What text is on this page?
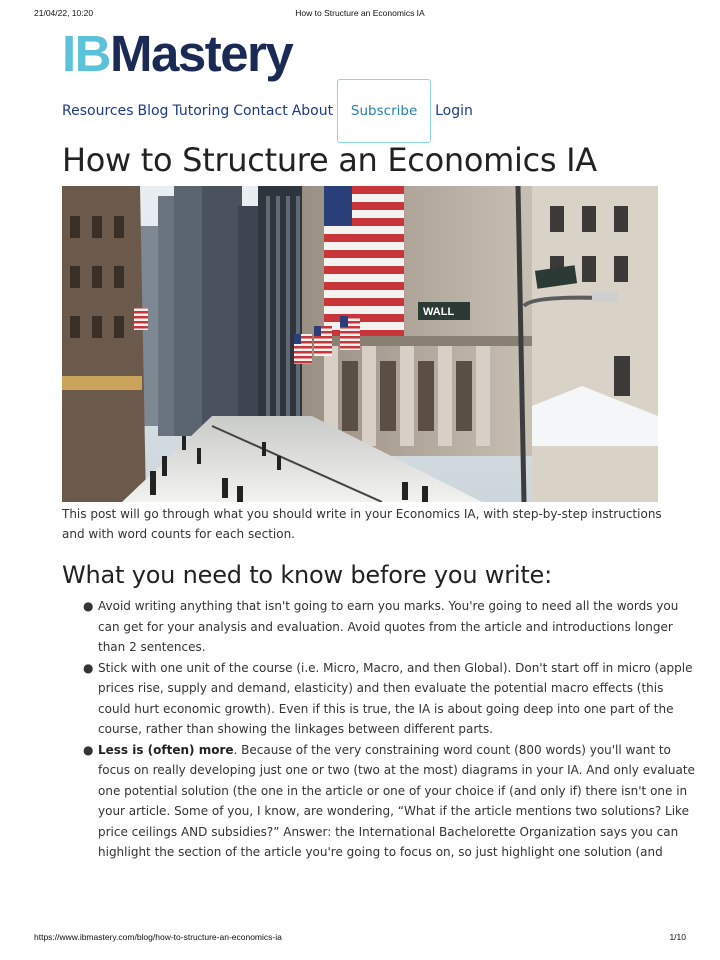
21/04/22, 10:20	How to Structure an Economics IA
IB Mastery
Resources Blog Tutoring Contact About	Subscribe	Login
How to Structure an Economics IA
WALL

This post will go through what you should write in your Economics IA, with step-by-step instructions and with word counts for each section.

What you need to know before you write:
● Avoid writing anything that isn't going to earn you marks. You're going to need all the words you can get for your analysis and evaluation. Avoid quotes from the article and introductions longer than 2 sentences.
● Stick with one unit of the course (i.e. Micro, Macro, and then Global). Don't start off in micro (apple prices rise, supply and demand, elasticity) and then evaluate the potential macro effects (this could hurt economic growth). Even if this is true, the IA is about going deep into one part of the course, rather than showing the linkages between different parts.
● Less is (often) more. Because of the very constraining word count (800 words) you'll want to focus on really developing just one or two (two at the most) diagrams in your IA. And only evaluate one potential solution (the one in the article or one of your choice if (and only if) there isn't one in your article. Some of you, I know, are wondering, “What if the article mentions two solutions? Like price ceilings AND subsidies?” Answer: the International Bachelorette Organization says you can highlight the section of the article you're going to focus on, so just highlight one solution (and
https://www.ibmastery.com/blog/how-to-structure-an-economics-ia	1/10
